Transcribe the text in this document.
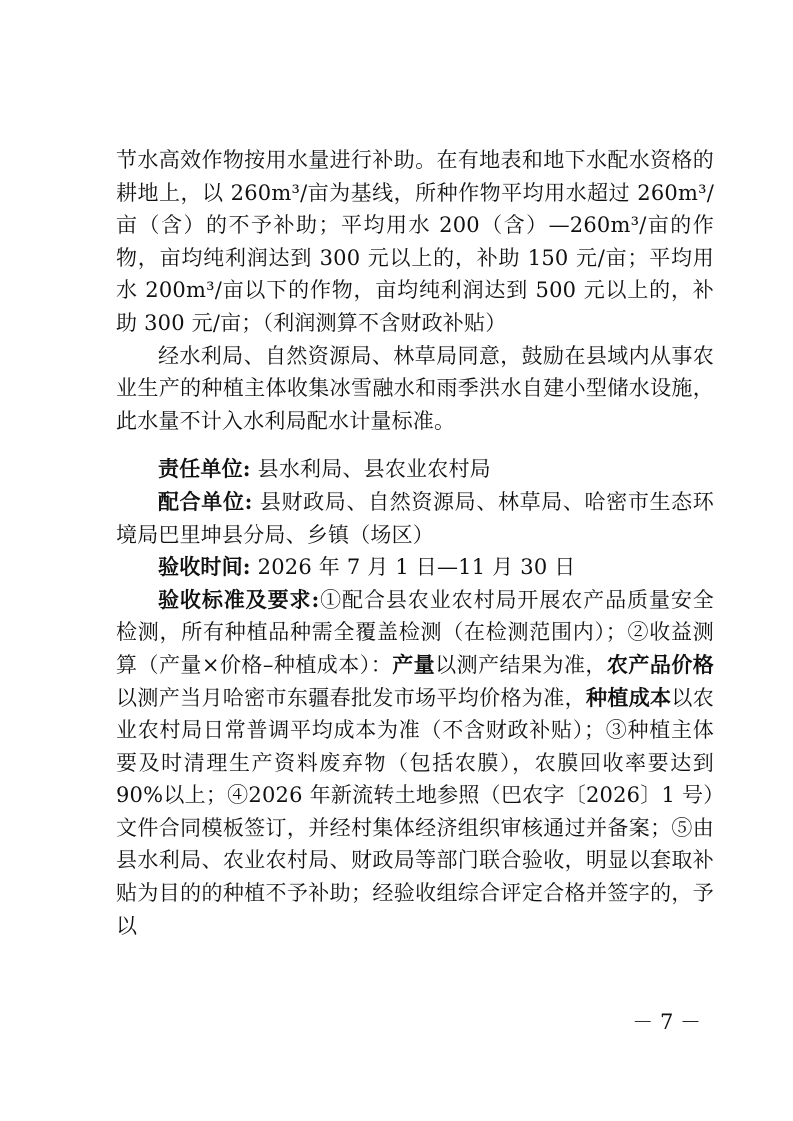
节水高效作物按用水量进行补助。在有地表和地下水配水资格的耕地上，以 260m³/亩为基线，所种作物平均用水超过 260m³/亩（含）的不予补助；平均用水 200（含）—260m³/亩的作物，亩均纯利润达到 300 元以上的，补助 150 元/亩；平均用水 200m³/亩以下的作物，亩均纯利润达到 500 元以上的，补助 300 元/亩；（利润测算不含财政补贴）

经水利局、自然资源局、林草局同意，鼓励在县域内从事农业生产的种植主体收集冰雪融水和雨季洪水自建小型储水设施，此水量不计入水利局配水计量标准。

责任单位: 县水利局、县农业农村局

配合单位: 县财政局、自然资源局、林草局、哈密市生态环境局巴里坤县分局、乡镇（场区）

验收时间: 2026 年 7 月 1 日—11 月 30 日

验收标准及要求:①配合县农业农村局开展农产品质量安全检测，所有种植品种需全覆盖检测（在检测范围内）；②收益测算（产量×价格–种植成本）：产量以测产结果为准，农产品价格以测产当月哈密市东疆春批发市场平均价格为准，种植成本以农业农村局日常普调平均成本为准（不含财政补贴）；③种植主体要及时清理生产资料废弃物（包括农膜），农膜回收率要达到 90%以上；④2026 年新流转土地参照（巴农字〔2026〕1 号）文件合同模板签订，并经村集体经济组织审核通过并备案；⑤由县水利局、农业农村局、财政局等部门联合验收，明显以套取补贴为目的的种植不予补助；经验收组综合评定合格并签字的，予以

－ 7 －
